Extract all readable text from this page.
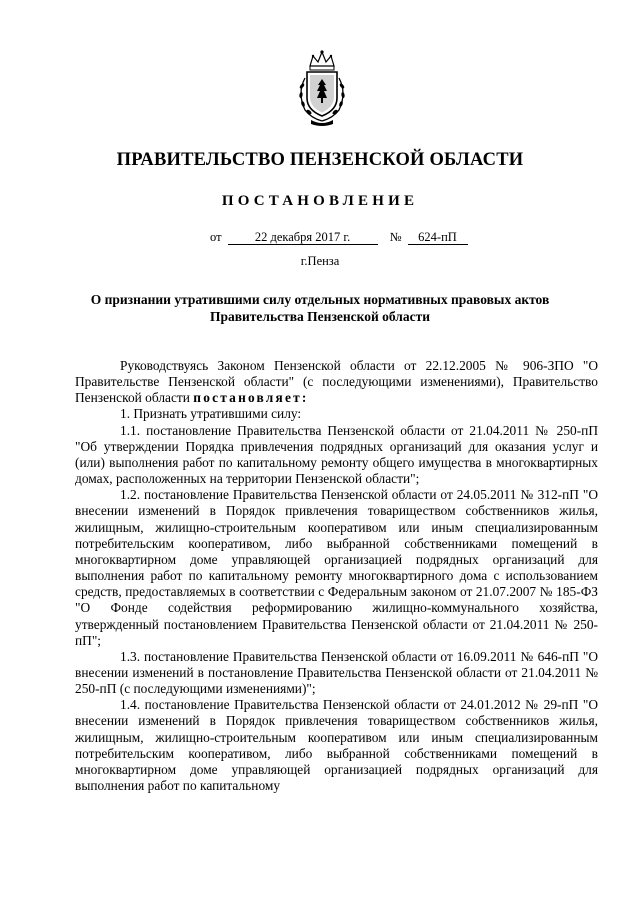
ПРАВИТЕЛЬСТВО ПЕНЗЕНСКОЙ ОБЛАСТИ
ПОСТАНОВЛЕНИЕ
от	22 декабря 2017 г.	№ 624-пП
г.Пенза
О признании утратившими силу отдельных нормативных правовых актов Правительства Пензенской области

Руководствуясь Законом Пензенской области от 22.12.2005 № 906-ЗПО "О Правительстве Пензенской области" (с последующими изменениями), Правительство Пензенской области постановляет:

1. Признать утратившими силу:

1.1. постановление Правительства Пензенской области от 21.04.2011 № 250-пП "Об утверждении Порядка привлечения подрядных организаций для оказания услуг и (или) выполнения работ по капитальному ремонту общего имущества в многоквартирных домах, расположенных на территории Пензенской области";

1.2. постановление Правительства Пензенской области от 24.05.2011 № 312-пП "О внесении изменений в Порядок привлечения товариществом собственников жилья, жилищным, жилищно-строительным кооперативом или иным специализированным потребительским кооперативом, либо выбранной собственниками помещений в многоквартирном доме управляющей организацией подрядных организаций для выполнения работ по капитальному ремонту многоквартирного дома с использованием средств, предоставляемых в соответствии с Федеральным законом от 21.07.2007 № 185-ФЗ "О Фонде содействия реформированию жилищно-коммунального хозяйства, утвержденный постановлением Правительства Пензенской области от 21.04.2011 № 250-пП";

1.3. постановление Правительства Пензенской области от 16.09.2011 № 646-пП "О внесении изменений в постановление Правительства Пензенской области от 21.04.2011 № 250-пП (с последующими изменениями)";

1.4. постановление Правительства Пензенской области от 24.01.2012 № 29-пП "О внесении изменений в Порядок привлечения товариществом собственников жилья, жилищным, жилищно-строительным кооперативом или иным специализированным потребительским кооперативом, либо выбранной собственниками помещений в многоквартирном доме управляющей организацией подрядных организаций для выполнения работ по капитальному
